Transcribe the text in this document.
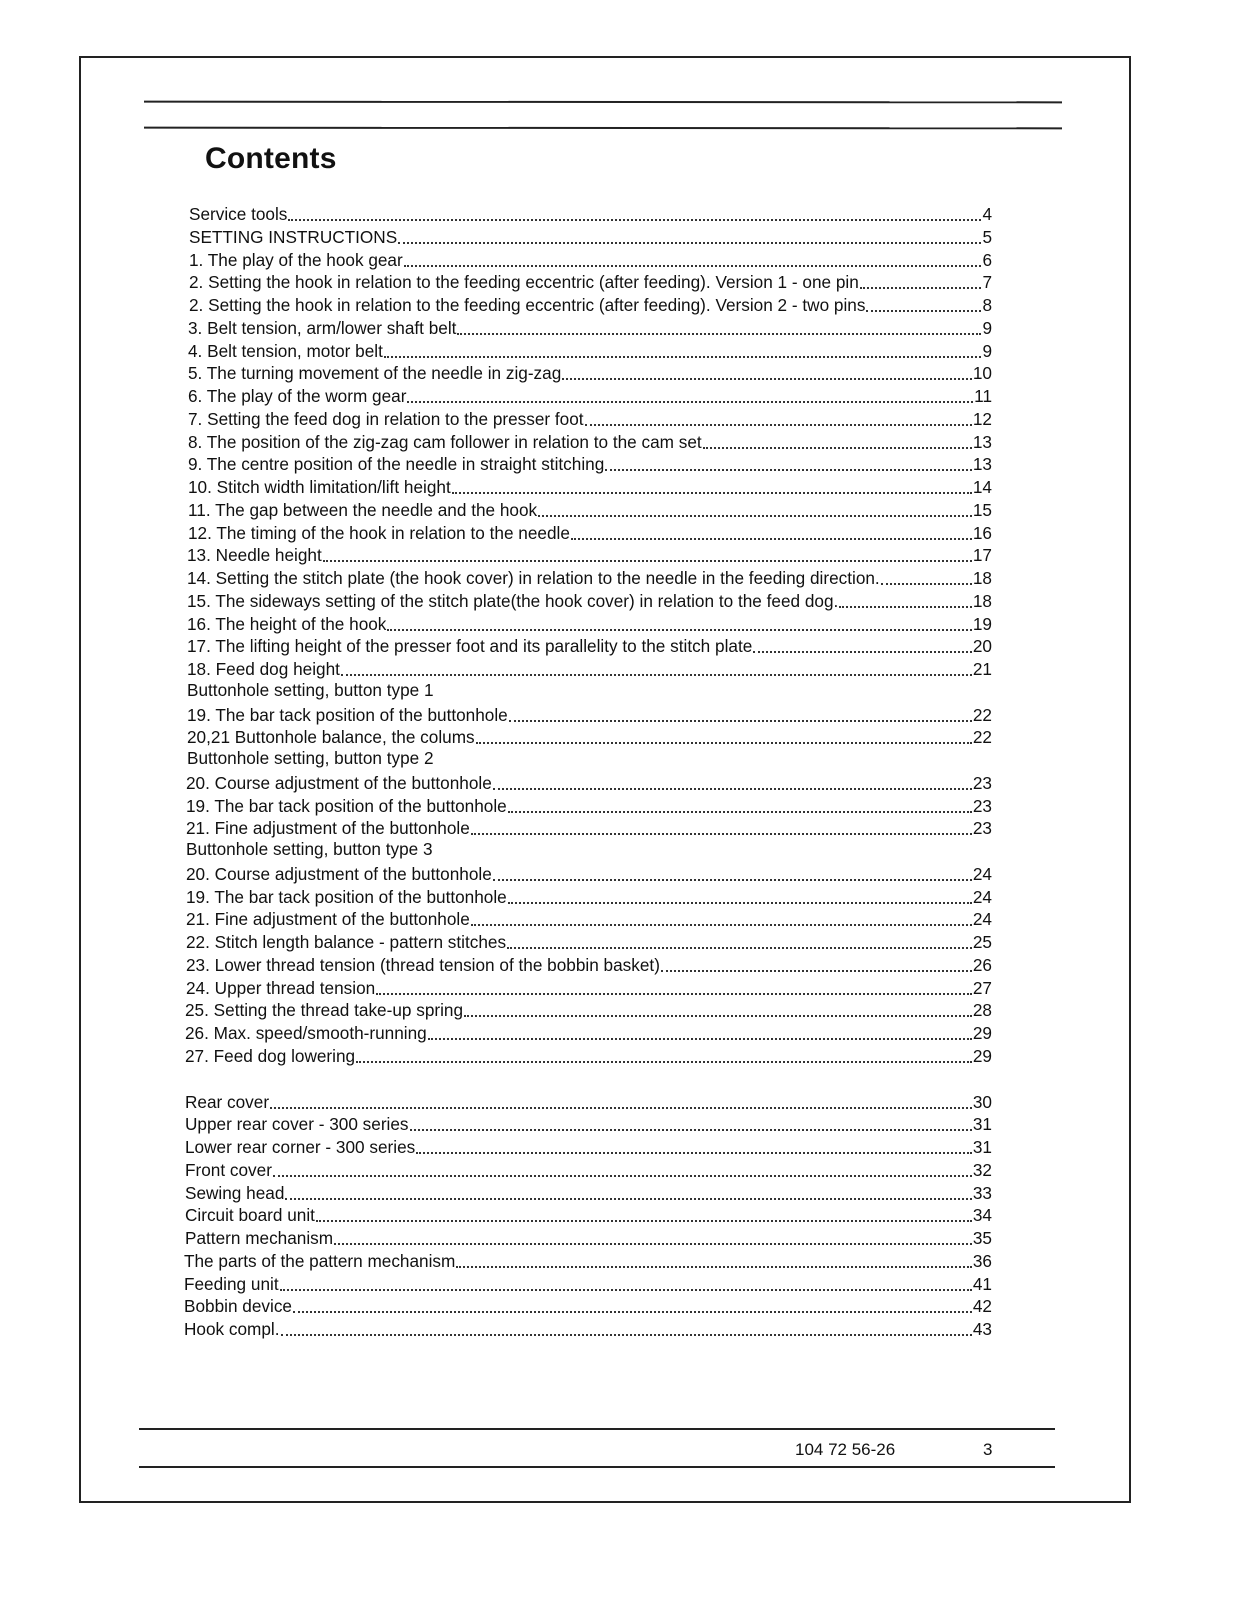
Contents
Service tools	4
SETTING INSTRUCTIONS	5
1. The play of the hook gear	6
2. Setting the hook in relation to the feeding eccentric (after feeding). Version 1 - one pin	7
2. Setting the hook in relation to the feeding eccentric (after feeding). Version 2 - two pins	8
3. Belt tension, arm/lower shaft belt	9
4. Belt tension, motor belt	9
5. The turning movement of the needle in zig-zag	10
6. The play of the worm gear	11
7. Setting the feed dog in relation to the presser foot	12
8. The position of the zig-zag cam follower in relation to the cam set	13
9. The centre position of the needle in straight stitching	13
10. Stitch width limitation/lift height	14
11. The gap between the needle and the hook	15
12. The timing of the hook in relation to the needle	16
13. Needle height	17
14. Setting the stitch plate (the hook cover) in relation to the needle in the feeding direction.	18
15. The sideways setting of the stitch plate(the hook cover) in relation to the feed dog.	18
16. The height of the hook	19
17. The lifting height of the presser foot and its parallelity to the stitch plate	20
18. Feed dog height	21
Buttonhole setting, button type 1
19. The bar tack position of the buttonhole	22
20,21 Buttonhole balance, the colums	22
Buttonhole setting, button type 2
20. Course adjustment of the buttonhole	23
19. The bar tack position of the buttonhole	23
21. Fine adjustment of the buttonhole	23
Buttonhole setting, button type 3
20. Course adjustment of the buttonhole	24
19. The bar tack position of the buttonhole	24
21. Fine adjustment of the buttonhole	24
22. Stitch length balance - pattern stitches	25
23. Lower thread tension (thread tension of the bobbin basket)	26
24. Upper thread tension	27
25. Setting the thread take-up spring	28
26. Max. speed/smooth-running	29
27. Feed dog lowering	29
Rear cover	30
Upper rear cover - 300 series	31
Lower rear corner - 300 series	31
Front cover	32
Sewing head	33
Circuit board unit	34
Pattern mechanism	35
The parts of the pattern mechanism	36
Feeding unit	41
Bobbin device	42
Hook compl.	43
104 72 56-26	3
